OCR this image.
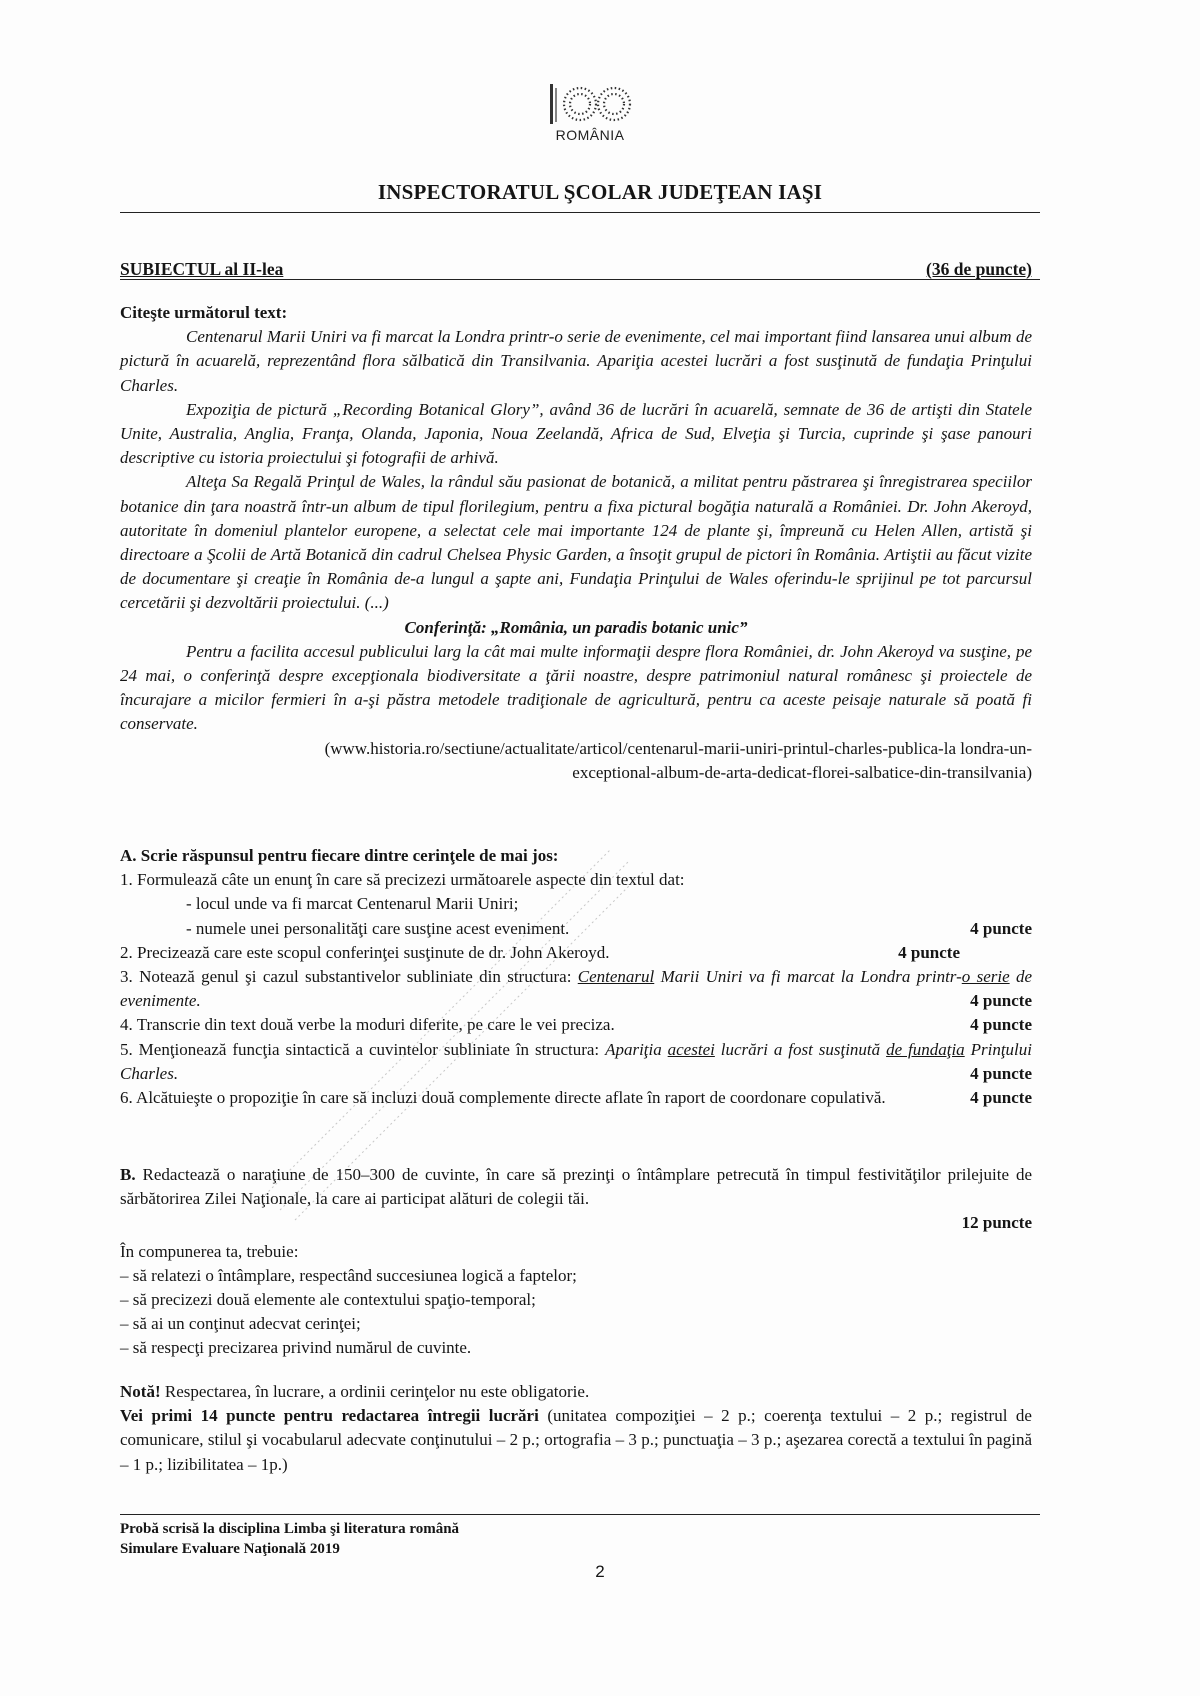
ROMÂNIA

INSPECTORATUL ŞCOLAR JUDEŢEAN IAŞI
SUBIECTUL al II-lea	(36 de puncte)
Citeşte următorul text:

Centenarul Marii Uniri va fi marcat la Londra printr-o serie de evenimente, cel mai important fiind lansarea unui album de pictură în acuarelă, reprezentând flora sălbatică din Transilvania. Apariţia acestei lucrări a fost susţinută de fundaţia Prinţului Charles.

Expoziţia de pictură „Recording Botanical Glory”, având 36 de lucrări în acuarelă, semnate de 36 de artişti din Statele Unite, Australia, Anglia, Franţa, Olanda, Japonia, Noua Zeelandă, Africa de Sud, Elveţia şi Turcia, cuprinde şi şase panouri descriptive cu istoria proiectului şi fotografii de arhivă.

Alteţa Sa Regală Prinţul de Wales, la rândul său pasionat de botanică, a militat pentru păstrarea şi înregistrarea speciilor botanice din ţara noastră într-un album de tipul florilegium, pentru a fixa pictural bogăţia naturală a României. Dr. John Akeroyd, autoritate în domeniul plantelor europene, a selectat cele mai importante 124 de plante şi, împreună cu Helen Allen, artistă şi directoare a Şcolii de Artă Botanică din cadrul Chelsea Physic Garden, a însoţit grupul de pictori în România. Artiştii au făcut vizite de documentare şi creaţie în România de-a lungul a şapte ani, Fundaţia Prinţului de Wales oferindu-le sprijinul pe tot parcursul cercetării şi dezvoltării proiectului. (...)

Conferinţă: „România, un paradis botanic unic”

Pentru a facilita accesul publicului larg la cât mai multe informaţii despre flora României, dr. John Akeroyd va susţine, pe 24 mai, o conferinţă despre excepţionala biodiversitate a ţării noastre, despre patrimoniul natural românesc şi proiectele de încurajare a micilor fermieri în a-şi păstra metodele tradiţionale de agricultură, pentru ca aceste peisaje naturale să poată fi conservate.

(www.historia.ro/sectiune/actualitate/articol/centenarul-marii-uniri-printul-charles-publica-la londra-un-
exceptional-album-de-arta-dedicat-florei-salbatice-din-transilvania)
A. Scrie răspunsul pentru fiecare dintre cerinţele de mai jos:
1. Formulează câte un enunţ în care să precizezi următoarele aspecte din textul dat:
- locul unde va fi marcat Centenarul Marii Uniri;
- numele unei personalităţi care susţine acest eveniment.	4 puncte
2. Precizează care este scopul conferinţei susţinute de dr. John Akeroyd.	4 puncte
3. Notează genul şi cazul substantivelor subliniate din structura: Centenarul Marii Uniri va fi marcat la Londra printr-o serie de evenimente.	4 puncte
4. Transcrie din text două verbe la moduri diferite, pe care le vei preciza.	4 puncte
5. Menţionează funcţia sintactică a cuvintelor subliniate în structura: Apariţia acestei lucrări a fost susţinută de fundaţia Prinţului Charles.	4 puncte
6. Alcătuieşte o propoziţie în care să incluzi două complemente directe aflate în raport de coordonare copulativă.	4 puncte

B. Redactează o naraţiune de 150–300 de cuvinte, în care să prezinţi o întâmplare petrecută în timpul festivităţilor prilejuite de sărbătorirea Zilei Naţionale, la care ai participat alături de colegii tăi.

12 puncte
În compunerea ta, trebuie:
– să relatezi o întâmplare, respectând succesiunea logică a faptelor;
– să precizezi două elemente ale contextului spaţio-temporal;
– să ai un conţinut adecvat cerinţei;
– să respecţi precizarea privind numărul de cuvinte.
Notă! Respectarea, în lucrare, a ordinii cerinţelor nu este obligatorie.

Vei primi 14 puncte pentru redactarea întregii lucrări (unitatea compoziţiei – 2 p.; coerenţa textului – 2 p.; registrul de comunicare, stilul şi vocabularul adecvate conţinutului – 2 p.; ortografia – 3 p.; punctuaţia – 3 p.; aşezarea corectă a textului în pagină – 1 p.; lizibilitatea – 1p.)

Probă scrisă la disciplina Limba şi literatura română
Simulare Evaluare Naţională 2019
2
